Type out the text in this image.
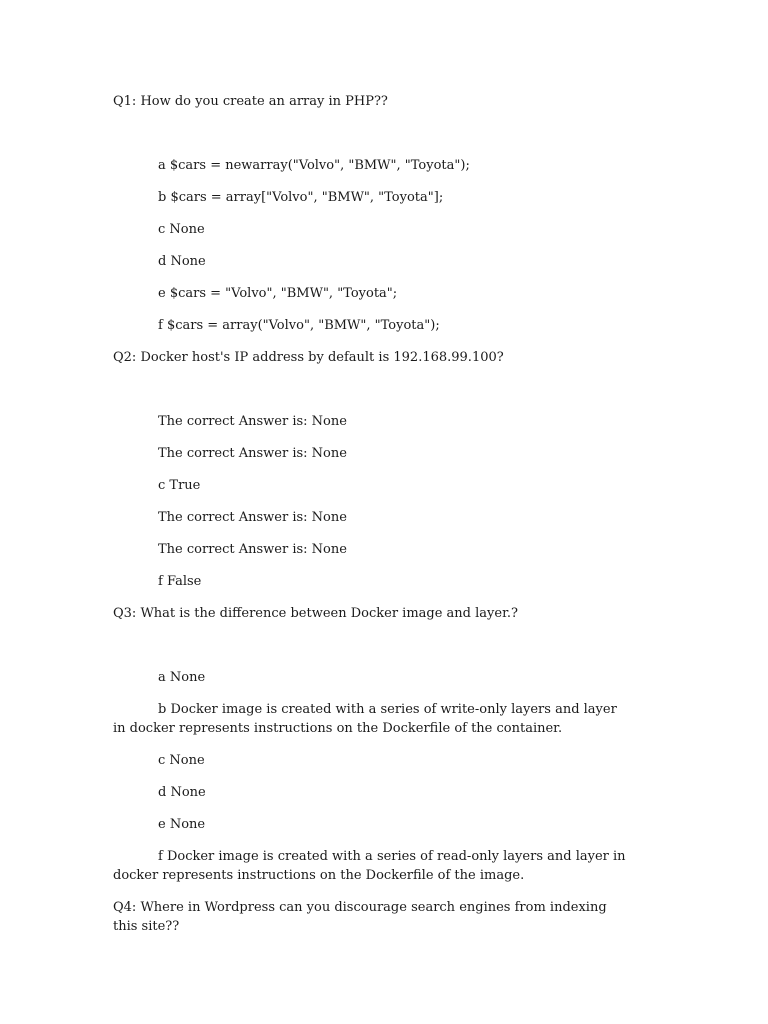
Q1: How do you create an array in PHP??

a $cars = newarray("Volvo", "BMW", "Toyota");

b $cars = array["Volvo", "BMW", "Toyota"];

c None

d None

e $cars = "Volvo", "BMW", "Toyota";

f $cars = array("Volvo", "BMW", "Toyota");

Q2: Docker host's IP address by default is 192.168.99.100?

The correct Answer is: None

The correct Answer is: None

c True

The correct Answer is: None

The correct Answer is: None

f False

Q3: What is the difference between Docker image and layer.?

a None

b Docker image is created with a series of write-only layers and layer in docker represents instructions on the Dockerfile of the container.

c None

d None

e None

f Docker image is created with a series of read-only layers and layer in docker represents instructions on the Dockerfile of the image.

Q4: Where in Wordpress can you discourage search engines from indexing this site??
